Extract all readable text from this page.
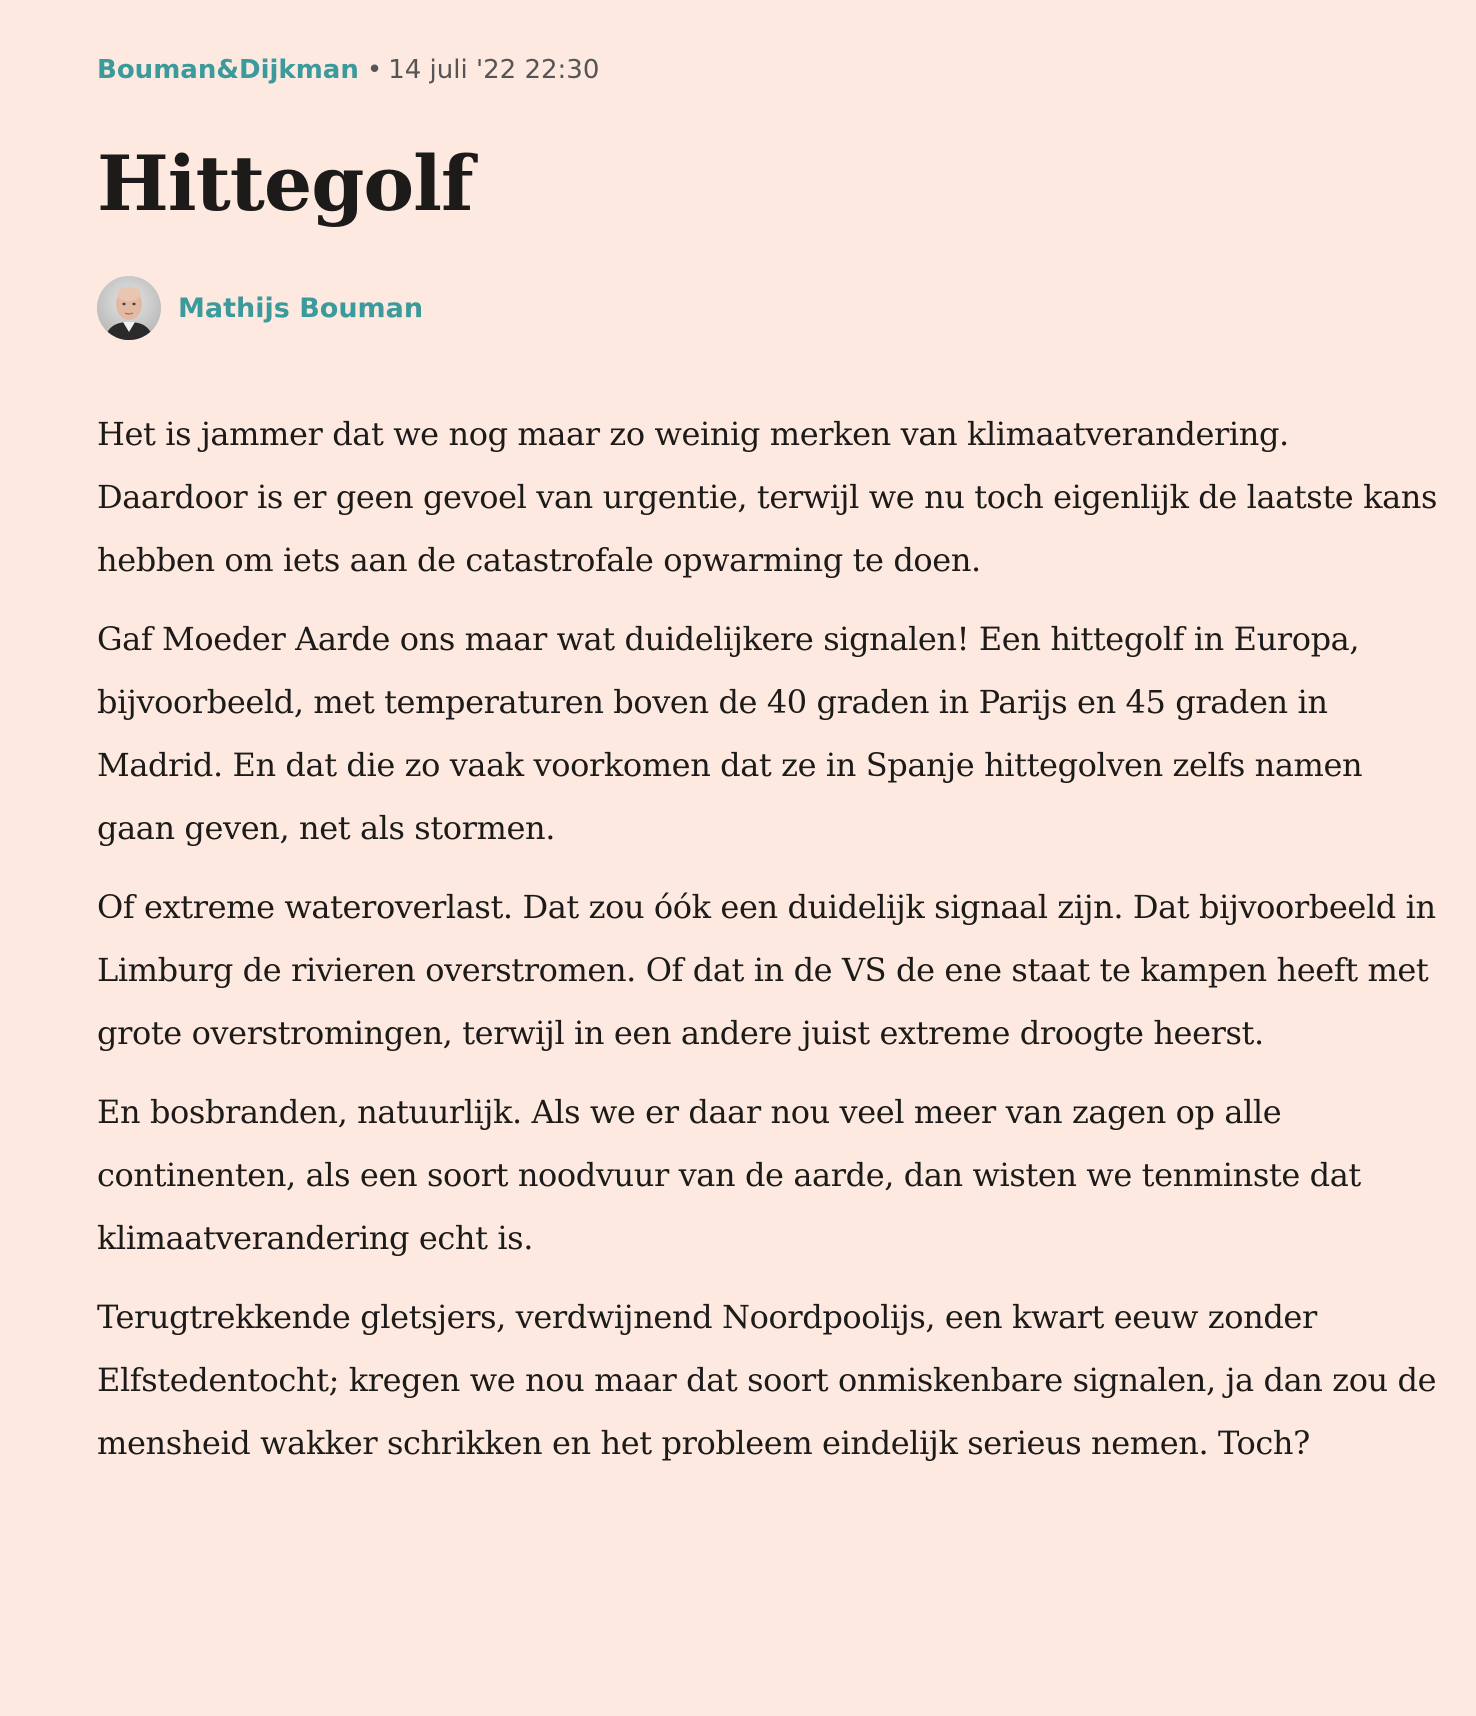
Bouman&Dijkman • 14 juli '22 22:30
Hittegolf
Mathijs Bouman

Het is jammer dat we nog maar zo weinig merken van klimaatverandering. Daardoor is er geen gevoel van urgentie, terwijl we nu toch eigenlijk de laatste kans hebben om iets aan de catastrofale opwarming te doen.

Gaf Moeder Aarde ons maar wat duidelijkere signalen! Een hittegolf in Europa, bijvoorbeeld, met temperaturen boven de 40 graden in Parijs en 45 graden in Madrid. En dat die zo vaak voorkomen dat ze in Spanje hittegolven zelfs namen gaan geven, net als stormen.

Of extreme wateroverlast. Dat zou óók een duidelijk signaal zijn. Dat bijvoorbeeld in Limburg de rivieren overstromen. Of dat in de VS de ene staat te kampen heeft met grote overstromingen, terwijl in een andere juist extreme droogte heerst.

En bosbranden, natuurlijk. Als we er daar nou veel meer van zagen op alle continenten, als een soort noodvuur van de aarde, dan wisten we tenminste dat klimaatverandering echt is.

Terugtrekkende gletsjers, verdwijnend Noordpoolijs, een kwart eeuw zonder Elfstedentocht; kregen we nou maar dat soort onmiskenbare signalen, ja dan zou de mensheid wakker schrikken en het probleem eindelijk serieus nemen. Toch?
